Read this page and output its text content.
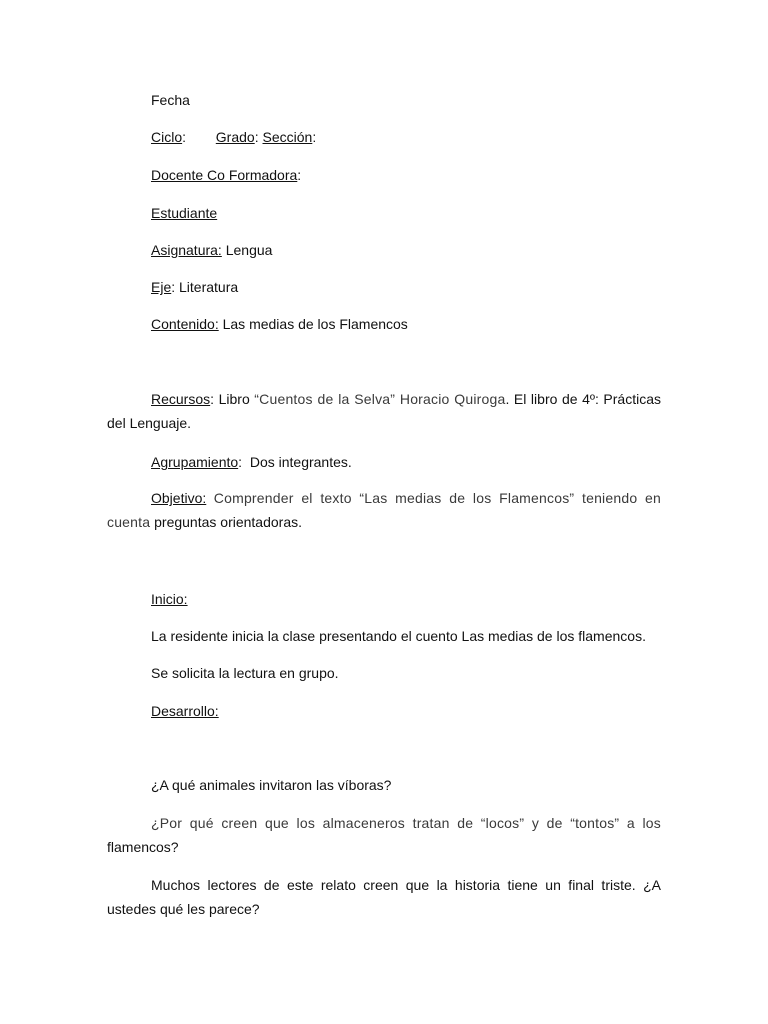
Fecha
Ciclo: Grado: Sección:
Docente Co Formadora:
Estudiante
Asignatura: Lengua
Eje: Literatura
Contenido: Las medias de los Flamencos
Recursos: Libro “Cuentos de la Selva” Horacio Quiroga. El libro de 4º: Prácticas del Lenguaje.
Agrupamiento:  Dos integrantes.
Objetivo: Comprender el texto “Las medias de los Flamencos” teniendo en cuenta preguntas orientadoras.
Inicio:
La residente inicia la clase presentando el cuento Las medias de los flamencos.
Se solicita la lectura en grupo.
Desarrollo:
¿A qué animales invitaron las víboras?
¿Por qué creen que los almaceneros tratan de “locos” y de “tontos” a los flamencos?
Muchos lectores de este relato creen que la historia tiene un final triste. ¿A ustedes qué les parece?
